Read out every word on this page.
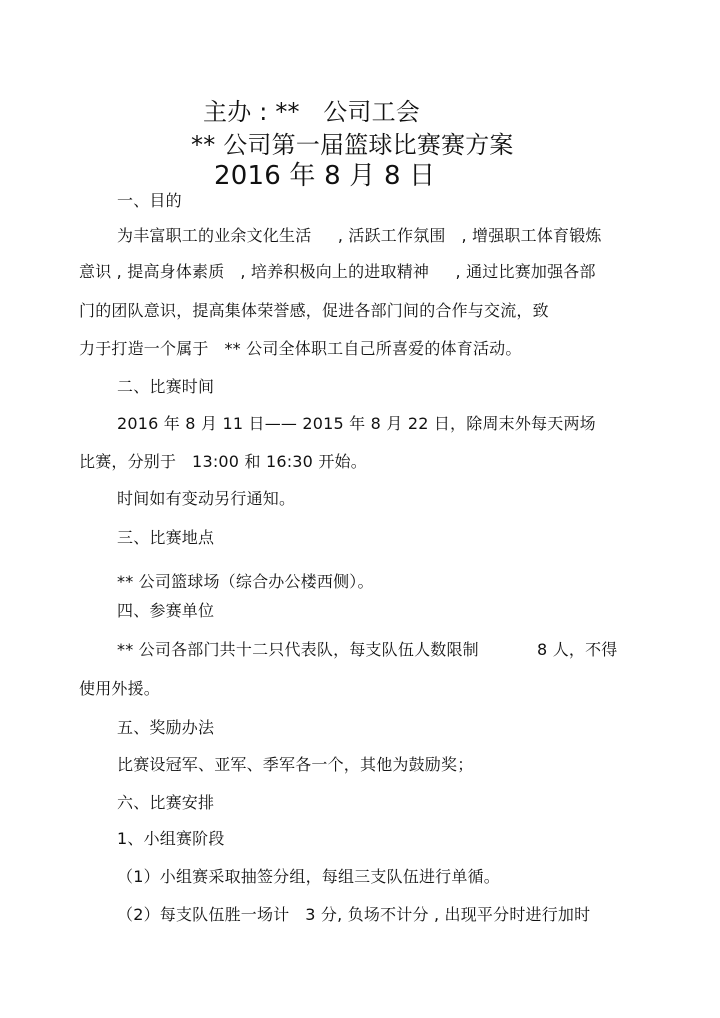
主办 : **   公司工会
** 公司第一届篮球比赛赛方案
2016 年 8 月 8 日
一、目的
为丰富职工的业余文化生活     , 活跃工作氛围   , 增强职工体育锻炼
意识 , 提高身体素质   , 培养积极向上的进取精神     , 通过比赛加强各部
门的团队意识，提高集体荣誉感，促进各部门间的合作与交流，致
力于打造一个属于   ** 公司全体职工自己所喜爱的体育活动。
二、比赛时间
2016 年 8 月 11 日—— 2015 年 8 月 22 日，除周末外每天两场
比赛，分别于   13:00 和 16:30 开始。
时间如有变动另行通知。
三、比赛地点
** 公司篮球场（综合办公楼西侧）。
四、参赛单位
** 公司各部门共十二只代表队，每支队伍人数限制           8 人，不得
使用外援。
五、奖励办法
比赛设冠军、亚军、季军各一个，其他为鼓励奖；
六、比赛安排
1、小组赛阶段
（1）小组赛采取抽签分组，每组三支队伍进行单循。
（2）每支队伍胜一场计   3 分, 负场不计分 , 出现平分时进行加时
